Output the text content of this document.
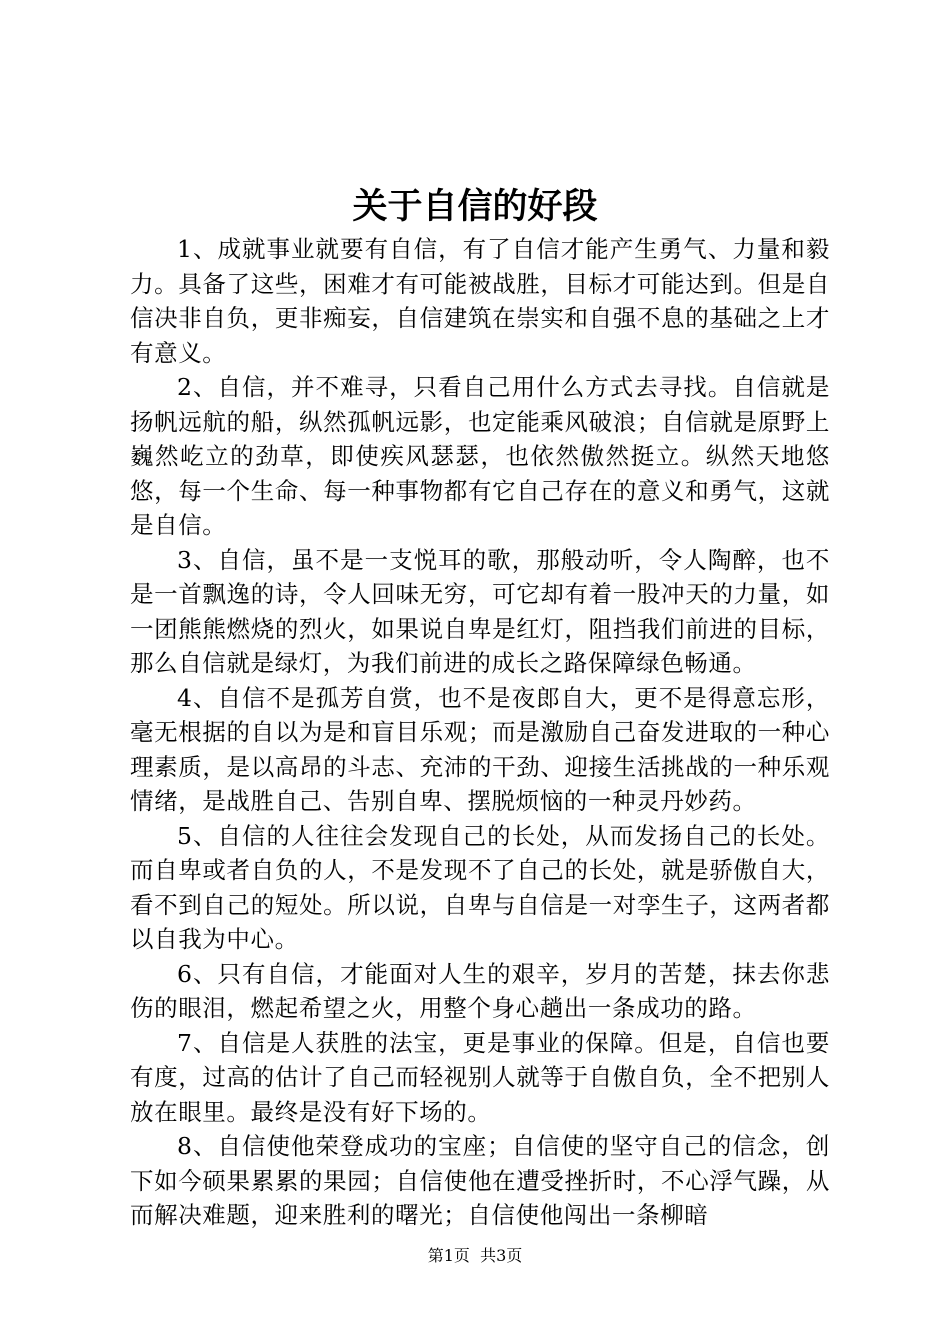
关于自信的好段

1、成就事业就要有自信，有了自信才能产生勇气、力量和毅力。具备了这些，困难才有可能被战胜，目标才可能达到。但是自信决非自负，更非痴妄，自信建筑在崇实和自强不息的基础之上才有意义。

2、自信，并不难寻，只看自己用什么方式去寻找。自信就是扬帆远航的船，纵然孤帆远影，也定能乘风破浪；自信就是原野上巍然屹立的劲草，即使疾风瑟瑟，也依然傲然挺立。纵然天地悠悠，每一个生命、每一种事物都有它自己存在的意义和勇气，这就是自信。

3、自信，虽不是一支悦耳的歌，那般动听，令人陶醉，也不是一首飘逸的诗，令人回味无穷，可它却有着一股冲天的力量，如一团熊熊燃烧的烈火，如果说自卑是红灯，阻挡我们前进的目标，那么自信就是绿灯，为我们前进的成长之路保障绿色畅通。

4、自信不是孤芳自赏，也不是夜郎自大，更不是得意忘形，毫无根据的自以为是和盲目乐观；而是激励自己奋发进取的一种心理素质，是以高昂的斗志、充沛的干劲、迎接生活挑战的一种乐观情绪，是战胜自己、告别自卑、摆脱烦恼的一种灵丹妙药。

5、自信的人往往会发现自己的长处，从而发扬自己的长处。而自卑或者自负的人，不是发现不了自己的长处，就是骄傲自大，看不到自己的短处。所以说，自卑与自信是一对孪生子，这两者都以自我为中心。

6、只有自信，才能面对人生的艰辛，岁月的苦楚，抹去你悲伤的眼泪，燃起希望之火，用整个身心趟出一条成功的路。

7、自信是人获胜的法宝，更是事业的保障。但是，自信也要有度，过高的估计了自己而轻视别人就等于自傲自负，全不把别人放在眼里。最终是没有好下场的。

8、自信使他荣登成功的宝座；自信使的坚守自己的信念，创下如今硕果累累的果园；自信使他在遭受挫折时，不心浮气躁，从而解决难题，迎来胜利的曙光；自信使他闯出一条柳暗

第1页 共3页
